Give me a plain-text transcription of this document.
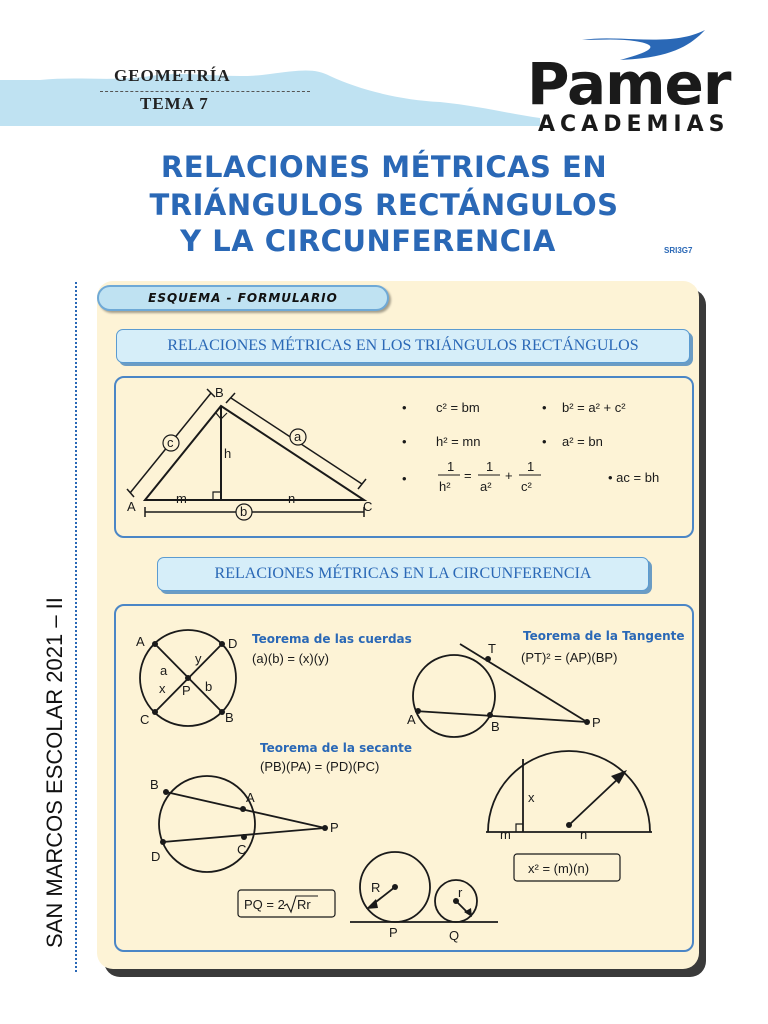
GEOMETRÍA
TEMA 7	Pamer
ACADEMIAS
RELACIONES MÉTRICAS EN
TRIÁNGULOS RECTÁNGULOS
Y LA CIRCUNFERENCIA	SRI3G7
SAN MARCOS ESCOLAR 2021 – II
ESQUEMA - FORMULARIO
RELACIONES MÉTRICAS EN LOS TRIÁNGULOS RECTÁNGULOS
B
A	C
c	a
b
h
m	n
• c² = bm	• b² = a² + c²
• h² = mn	• a² = bn
•
1
h²
=
1
a²
+
1
c²
• ac = bh
RELACIONES MÉTRICAS EN LA CIRCUNFERENCIA
A	D
C	B
P
a
y
x	b
Teorema de las cuerdas
(a)(b) = (x)(y)
T
A	B	P
Teorema de la Tangente
(PT)² = (AP)(BP)
B
A
P
D	C
Teorema de la secante
(PB)(PA) = (PD)(PC)
x
m	n
x² = (m)(n)
R	r
P	Q
PQ = 2 Rr
